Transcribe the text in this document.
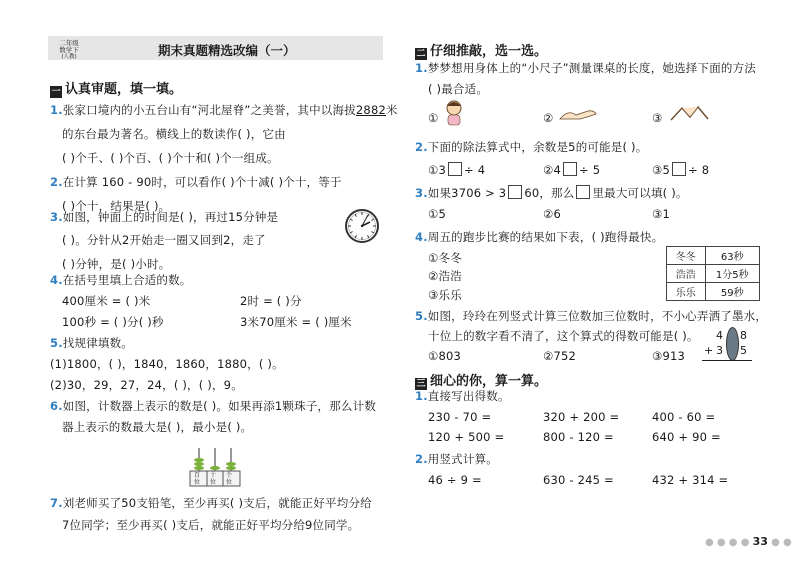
二年级
数学下
(人教)	期末真题精选改编（一）
一 认真审题，填一填。
1.张家口境内的小五台山有“河北屋脊”之美誉，其中以海拔2882米
的东台最为著名。横线上的数读作( )，它由
( )个千、( )个百、( )个十和( )个一组成。
2.在计算 160 - 90时，可以看作( )个十减( )个十，等于
( )个十，结果是( )。
3.如图，钟面上的时间是( )，再过15分钟是
( )。分针从2开始走一圈又回到2，走了
( )分钟，是( )小时。
4.在括号里填上合适的数。
400厘米 = ( )米	2时 = ( )分
100秒 = ( )分( )秒	3米70厘米 = ( )厘米
5.找规律填数。
(1)1800，( )，1840，1860，1880，( )。
(2)30，29，27，24，( )，( )，9。
6.如图，计数器上表示的数是( )。如果再添1颗珠子，那么计数
器上表示的数最大是( )，最小是( )。
百位
十位
个位
7.刘老师买了50支铅笔，至少再买( )支后，就能正好平均分给
7位同学；至少再买( )支后，就能正好平均分给9位同学。
二 仔细推敲，选一选。
1.梦梦想用身体上的“小尺子”测量课桌的长度，她选择下面的方法
( )最合适。
①	②	③
2.下面的除法算式中，余数是5的可能是( )。
①3 ÷ 4	②4 ÷ 5	③5 ÷ 8
3.如果3706 > 3 60，那么 里最大可以填( )。
①5	②6	③1
4.周五的跑步比赛的结果如下表，( )跑得最快。
①冬冬
②浩浩
③乐乐
冬冬	63秒
浩浩	1分5秒
乐乐	59秒
5.如图，玲玲在列竖式计算三位数加三位数时，不小心弄洒了墨水，
十位上的数字看不清了，这个算式的得数可能是( )。
①803	②752	③913
4 8
+ 3 5
三 细心的你，算一算。
1.直接写出得数。
230 - 70 =	320 + 200 =	400 - 60 =
120 + 500 =	800 - 120 =	640 + 90 =
2.用竖式计算。
46 ÷ 9 =	630 - 245 =	432 + 314 =
● ● ● ● 33 ● ●
